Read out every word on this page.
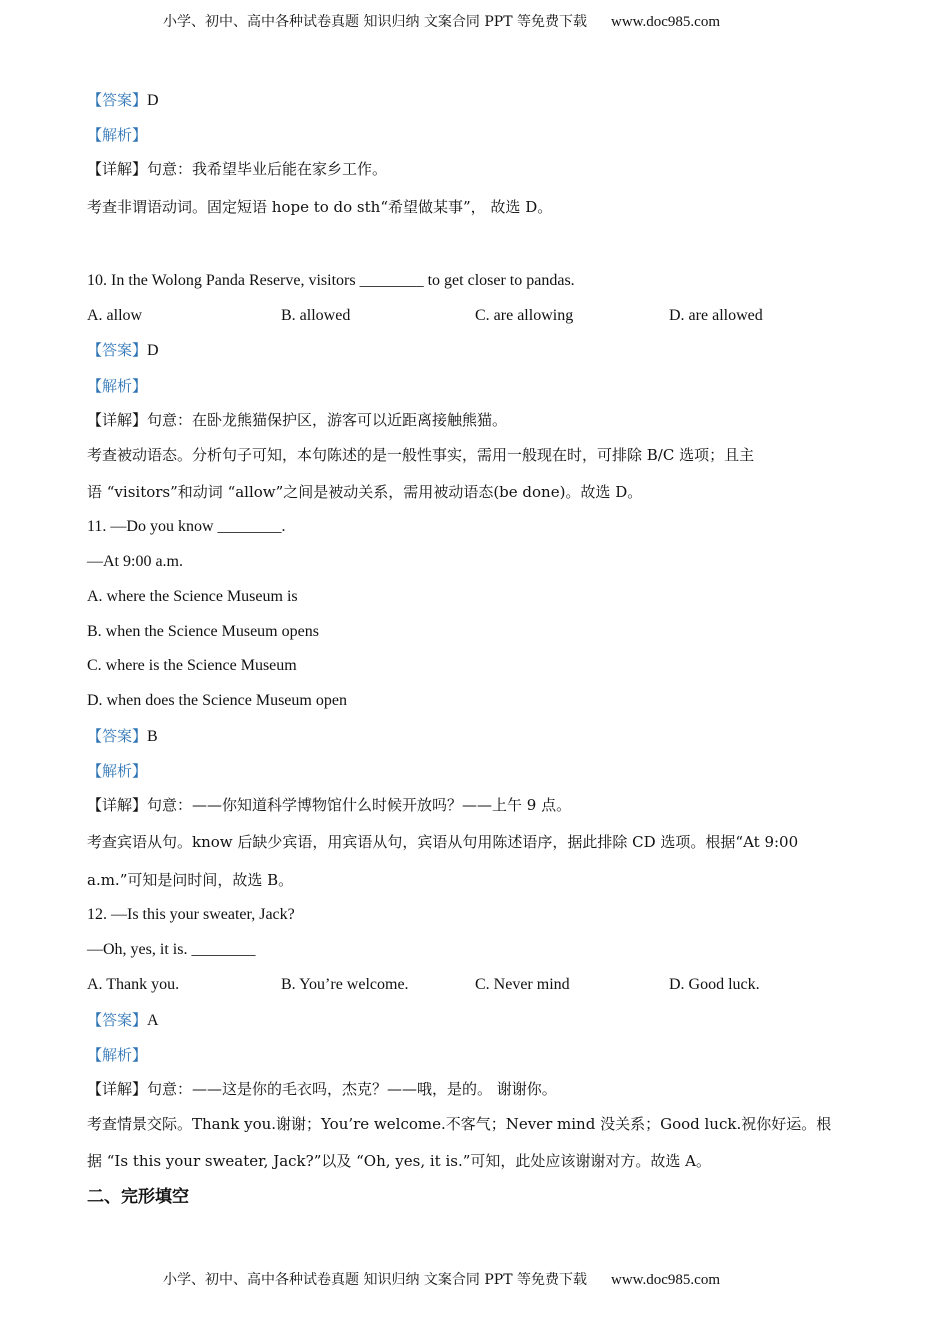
小学、初中、高中各种试卷真题 知识归纳 文案合同 PPT 等免费下载 www.doc985.com
【答案】D
【解析】
【详解】句意：我希望毕业后能在家乡工作。
考查非谓语动词。固定短语 hope to do sth“希望做某事”， 故选 D。
10. In the Wolong Panda Reserve, visitors ________ to get closer to pandas.
A. allow	B. allowed	C. are allowing	D. are allowed
【答案】D
【解析】
【详解】句意：在卧龙熊猫保护区，游客可以近距离接触熊猫。
考查被动语态。分析句子可知，本句陈述的是一般性事实，需用一般现在时，可排除 B/C 选项；且主
语 “visitors”和动词 “allow”之间是被动关系，需用被动语态(be done)。故选 D。
11. —Do you know ________.
—At 9:00 a.m.
A. where the Science Museum is
B. when the Science Museum opens
C. where is the Science Museum
D. when does the Science Museum open
【答案】B
【解析】
【详解】句意：——你知道科学博物馆什么时候开放吗？——上午 9 点。
考查宾语从句。know 后缺少宾语，用宾语从句，宾语从句用陈述语序，据此排除 CD 选项。根据“At 9:00
a.m.”可知是问时间，故选 B。
12. —Is this your sweater, Jack?
—Oh, yes, it is. ________
A. Thank you.	B. You’re welcome.	C. Never mind	D. Good luck.
【答案】A
【解析】
【详解】句意：——这是你的毛衣吗，杰克？——哦，是的。 谢谢你。
考查情景交际。Thank you.谢谢；You’re welcome.不客气；Never mind 没关系；Good luck.祝你好运。根
据 “Is this your sweater, Jack?”以及 “Oh, yes, it is.”可知，此处应该谢谢对方。故选 A。
二、完形填空
小学、初中、高中各种试卷真题 知识归纳 文案合同 PPT 等免费下载 www.doc985.com
